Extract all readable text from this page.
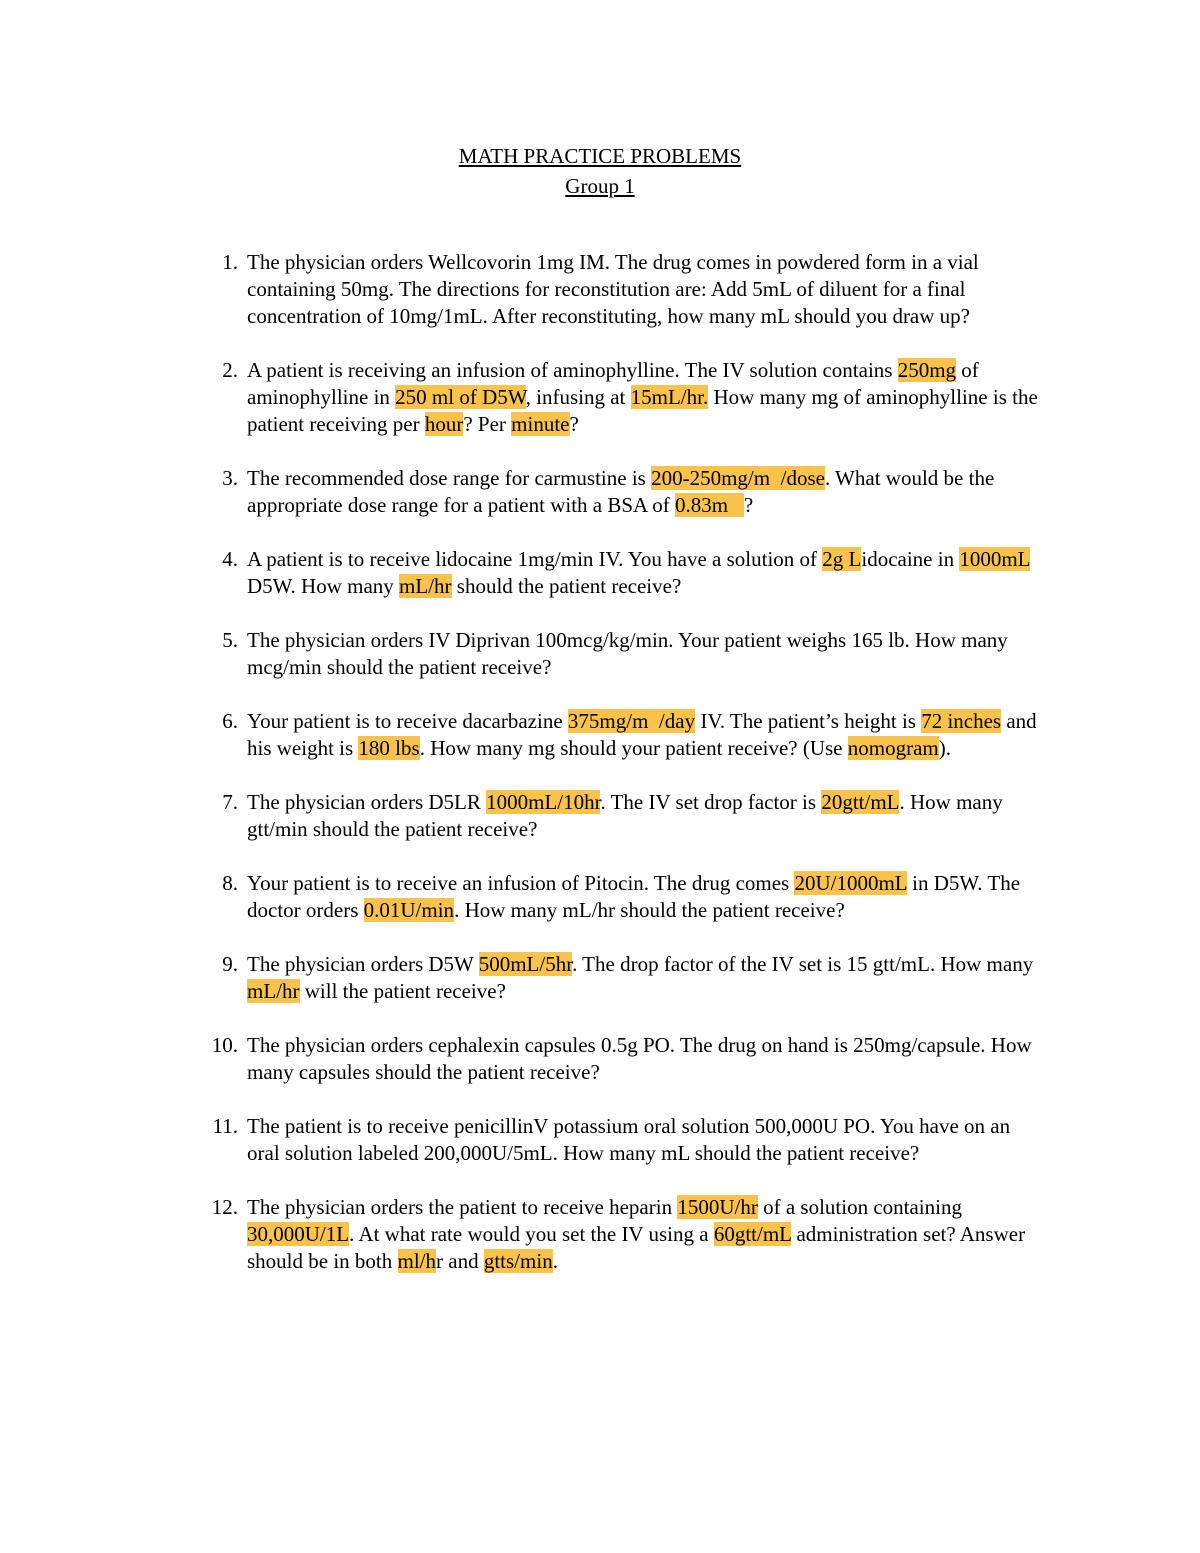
MATH PRACTICE PROBLEMS
Group 1
1. The physician orders Wellcovorin 1mg IM. The drug comes in powdered form in a vial containing 50mg. The directions for reconstitution are: Add 5mL of diluent for a final concentration of 10mg/1mL. After reconstituting, how many mL should you draw up?
2. A patient is receiving an infusion of aminophylline. The IV solution contains 250mg of aminophylline in 250 ml of D5W, infusing at 15mL/hr. How many mg of aminophylline is the patient receiving per hour? Per minute?
3. The recommended dose range for carmustine is 200-250mg/m  /dose. What would be the appropriate dose range for a patient with a BSA of 0.83m   ?
4. A patient is to receive lidocaine 1mg/min IV. You have a solution of 2g Lidocaine in 1000mL D5W. How many mL/hr should the patient receive?
5. The physician orders IV Diprivan 100mcg/kg/min. Your patient weighs 165 lb. How many mcg/min should the patient receive?
6. Your patient is to receive dacarbazine 375mg/m  /day IV. The patient’s height is 72 inches and his weight is 180 lbs. How many mg should your patient receive? (Use nomogram).
7. The physician orders D5LR 1000mL/10hr. The IV set drop factor is 20gtt/mL. How many gtt/min should the patient receive?
8. Your patient is to receive an infusion of Pitocin. The drug comes 20U/1000mL in D5W. The doctor orders 0.01U/min. How many mL/hr should the patient receive?
9. The physician orders D5W 500mL/5hr. The drop factor of the IV set is 15 gtt/mL. How many mL/hr will the patient receive?
10. The physician orders cephalexin capsules 0.5g PO. The drug on hand is 250mg/capsule. How many capsules should the patient receive?
11. The patient is to receive penicillinV potassium oral solution 500,000U PO. You have on an oral solution labeled 200,000U/5mL. How many mL should the patient receive?
12. The physician orders the patient to receive heparin 1500U/hr of a solution containing 30,000U/1L. At what rate would you set the IV using a 60gtt/mL administration set? Answer should be in both ml/hr and gtts/min.
